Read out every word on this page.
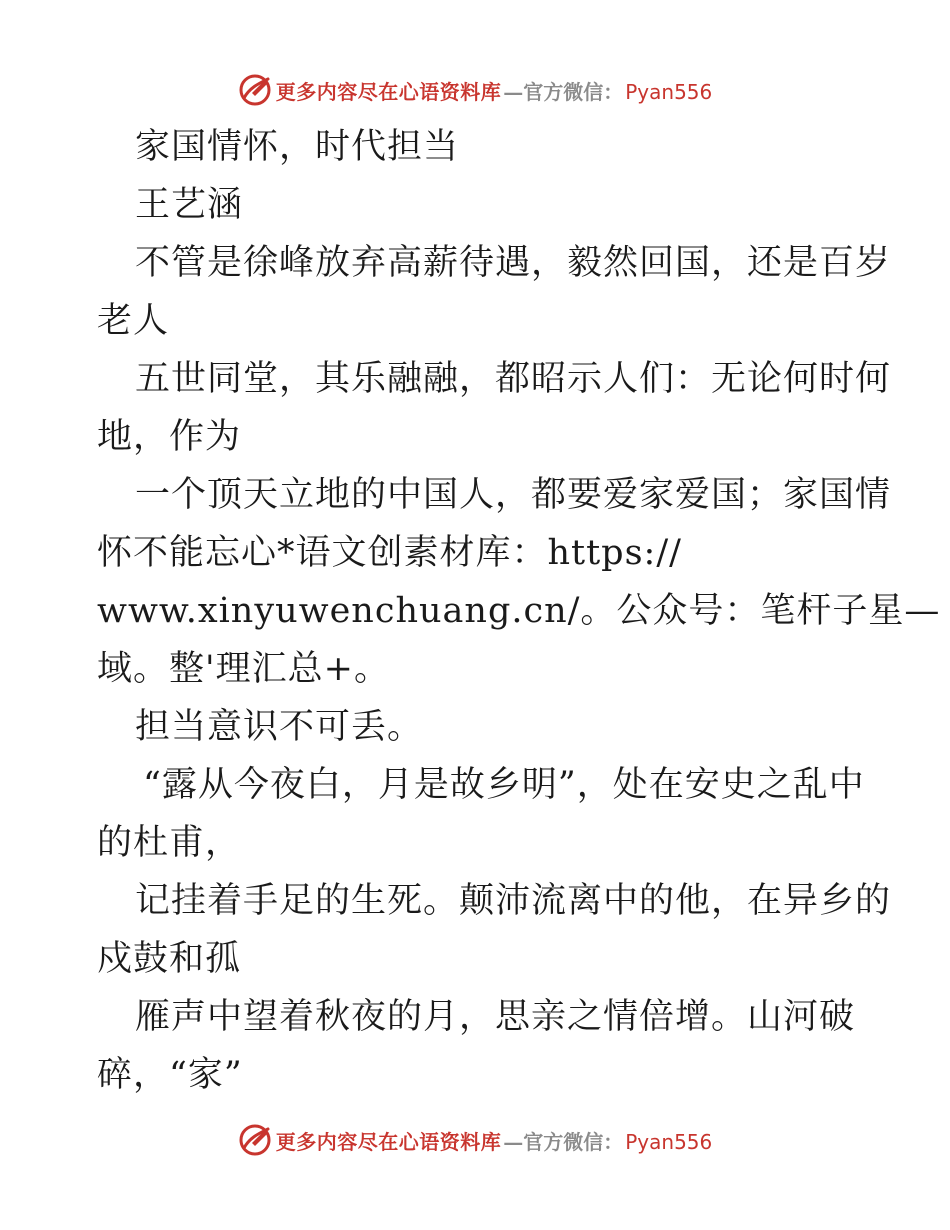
更多内容尽在心语资料库 —官方微信： Pyan556
家国情怀，时代担当
王艺涵
不管是徐峰放弃高薪待遇，毅然回国，还是百岁
老人
五世同堂，其乐融融，都昭示人们：无论何时何
地，作为
一个顶天立地的中国人，都要爱家爱国；家国情
怀不能忘心*语文创素材库：https://
www.xinyuwenchuang.cn/。公众号：笔杆子星—
域。整'理汇总+。
担当意识不可丢。
“露从今夜白，月是故乡明”，处在安史之乱中
的杜甫，
记挂着手足的生死。颠沛流离中的他，在异乡的
戍鼓和孤
雁声中望着秋夜的月，思亲之情倍增。山河破
碎，“家”
更多内容尽在心语资料库 —官方微信： Pyan556
